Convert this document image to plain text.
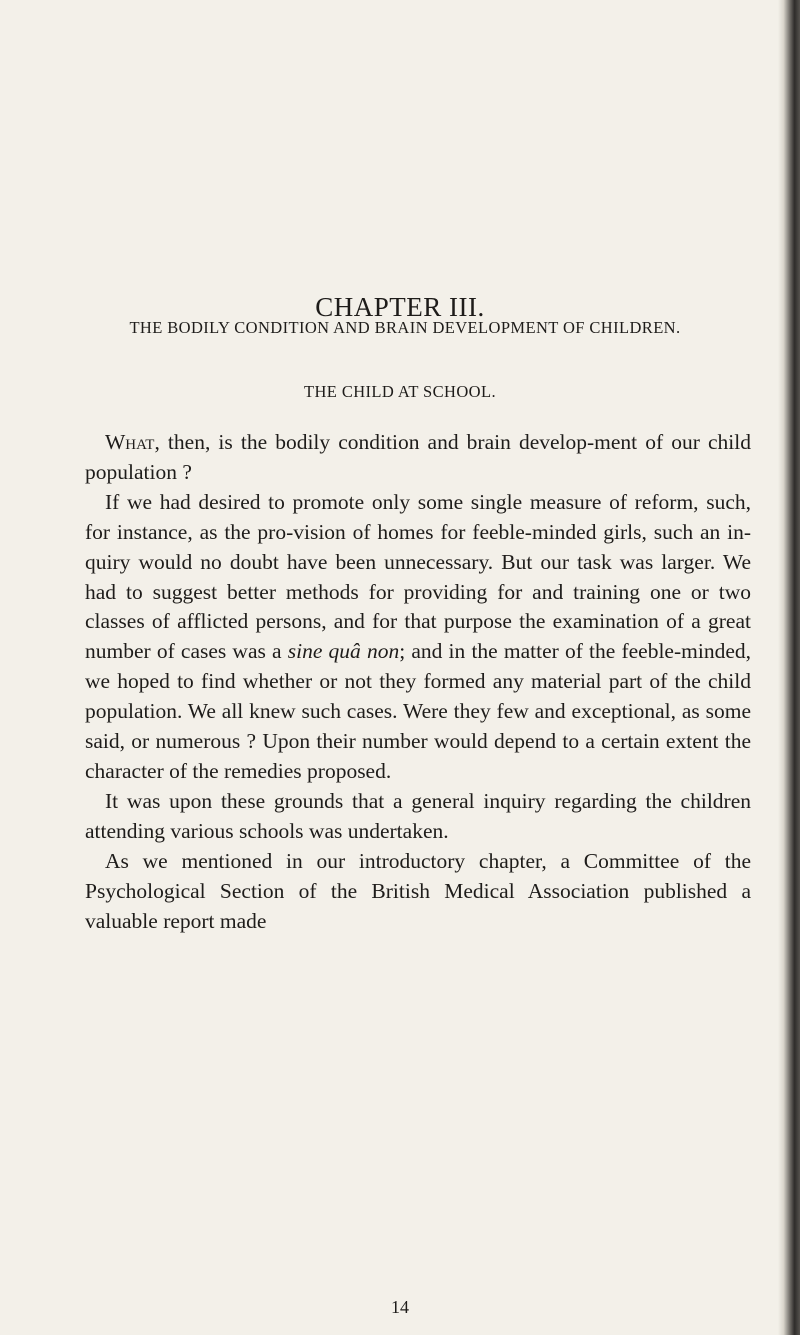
CHAPTER III.
THE BODILY CONDITION AND BRAIN DEVELOPMENT OF CHILDREN.
THE CHILD AT SCHOOL.

What, then, is the bodily condition and brain develop-ment of our child population ?

If we had desired to promote only some single measure of reform, such, for instance, as the pro-vision of homes for feeble-minded girls, such an in-quiry would no doubt have been unnecessary. But our task was larger. We had to suggest better methods for providing for and training one or two classes of afflicted persons, and for that purpose the examination of a great number of cases was a sine quâ non; and in the matter of the feeble-minded, we hoped to find whether or not they formed any material part of the child population. We all knew such cases. Were they few and exceptional, as some said, or numerous ? Upon their number would depend to a certain extent the character of the remedies proposed.

It was upon these grounds that a general inquiry regarding the children attending various schools was undertaken.

As we mentioned in our introductory chapter, a Committee of the Psychological Section of the British Medical Association published a valuable report made

14
